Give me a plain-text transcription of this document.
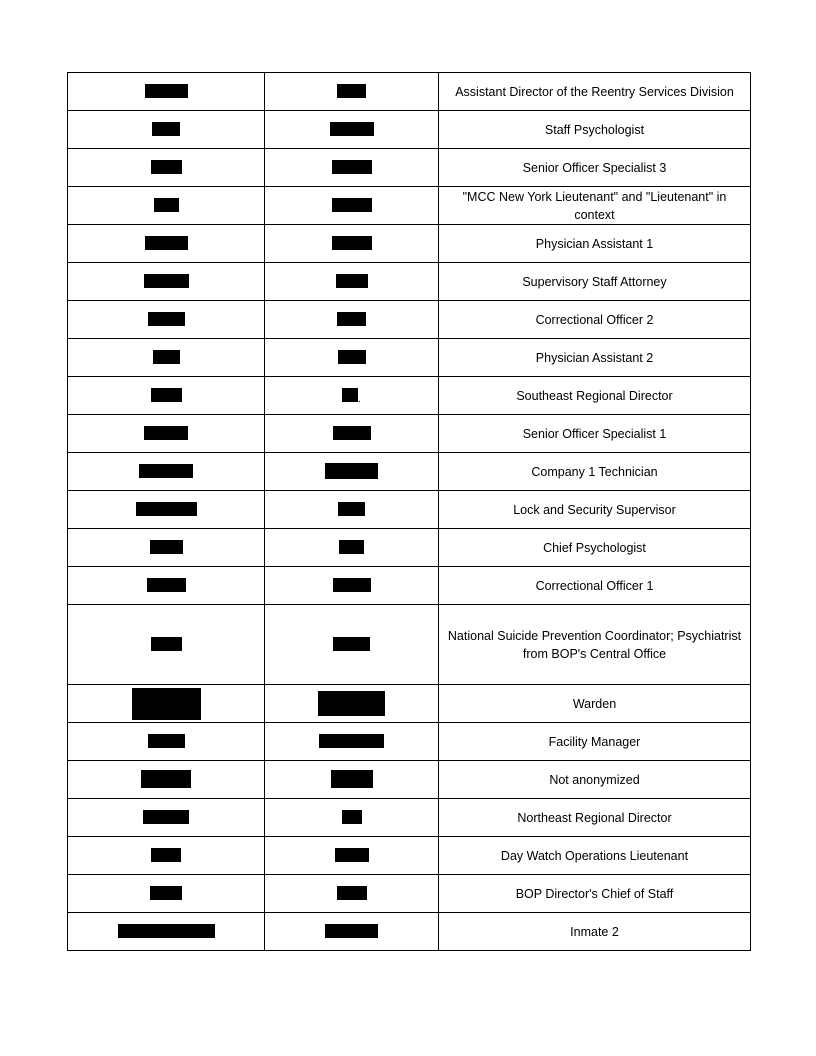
		Assistant Director of the Reentry Services Division
		Staff Psychologist
		Senior Officer Specialist 3
		"MCC New York Lieutenant" and "Lieutenant" in context
		Physician Assistant 1
		Supervisory Staff Attorney
		Correctional Officer 2
		Physician Assistant 2
	.	Southeast Regional Director
		Senior Officer Specialist 1
		Company 1 Technician
		Lock and Security Supervisor
		Chief Psychologist
		Correctional Officer 1
		National Suicide Prevention Coordinator; Psychiatrist from BOP's Central Office
		Warden
		Facility Manager
		Not anonymized
		Northeast Regional Director
		Day Watch Operations Lieutenant
		BOP Director's Chief of Staff
		Inmate 2
